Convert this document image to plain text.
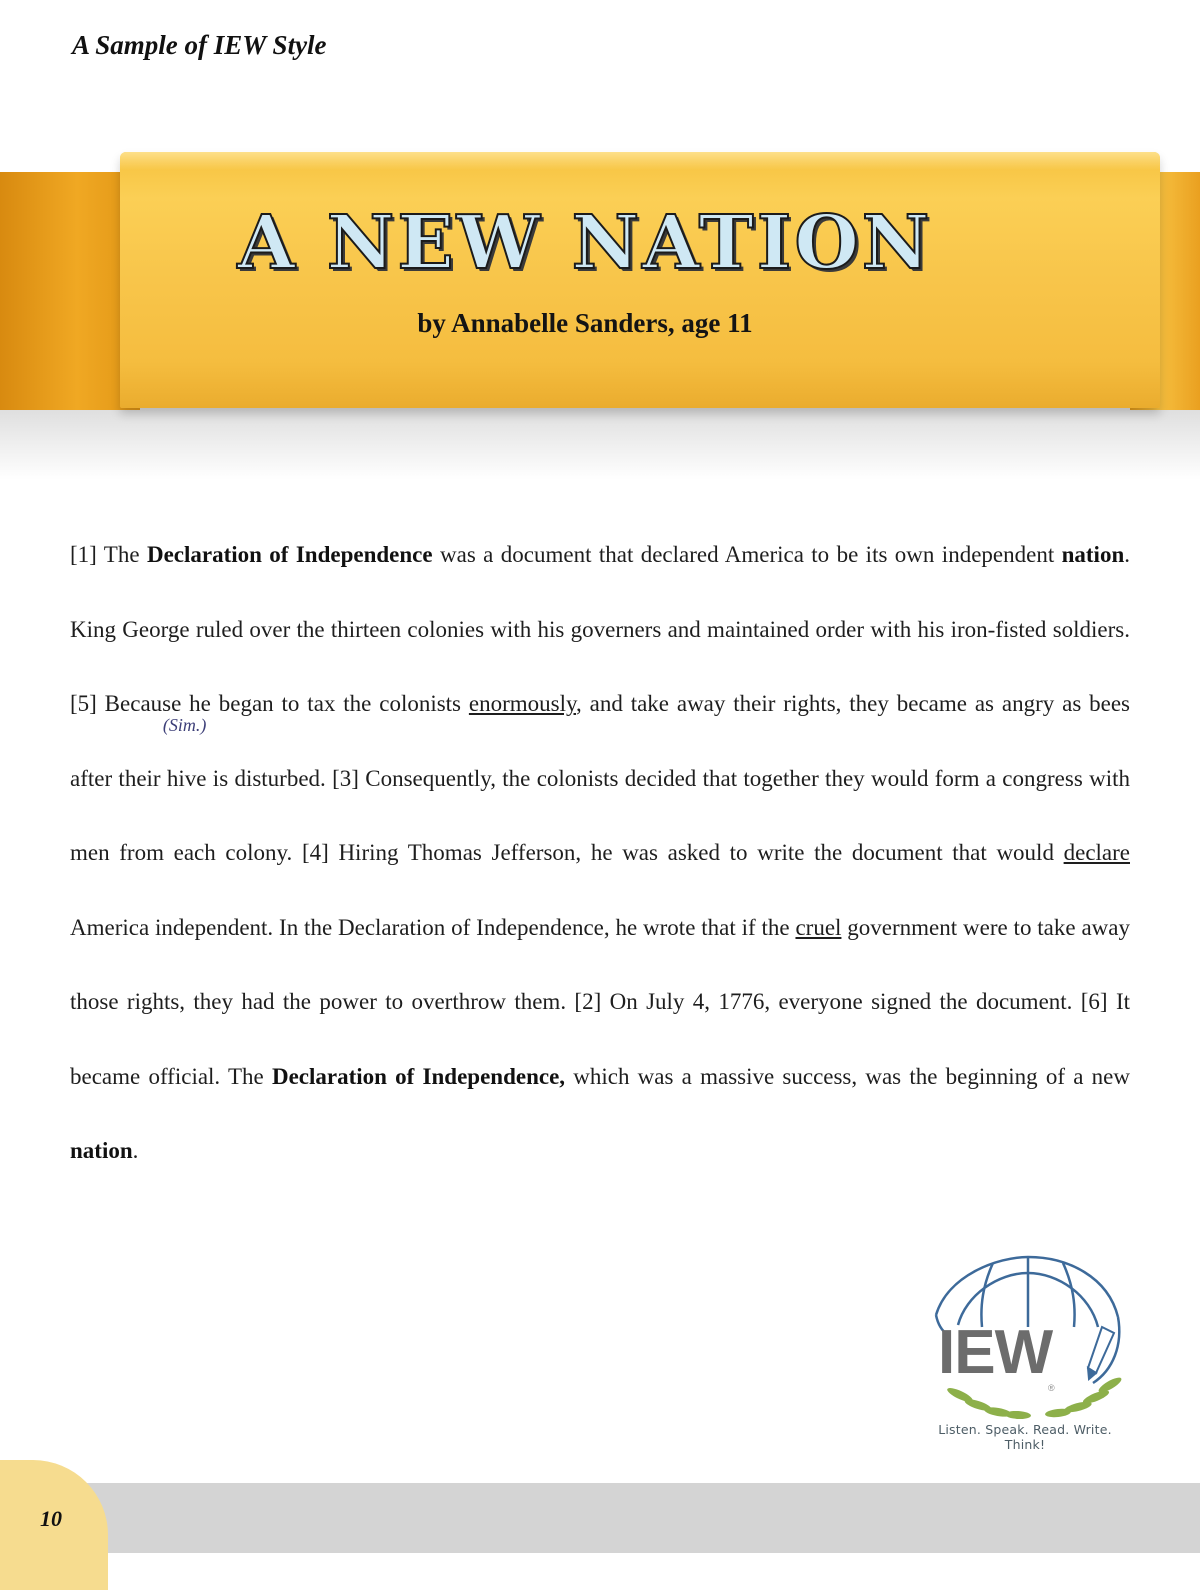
A Sample of IEW Style
A NEW NATION
by Annabelle Sanders, age 11
[1] The Declaration of Independence was a document that declared America to be its own independent nation. King George ruled over the thirteen colonies with his governers and maintained order with his iron-fisted soldiers. [5] Because he began to tax the colonists enormously, and take away their rights, they became as angry as bees after their
(Sim.)
hive is disturbed. [3] Consequently, the colonists decided that together they would form a congress with men from each colony. [4] Hiring Thomas Jefferson, he was asked to write the document that would declare America independent. In the Declaration of Independence, he wrote that if the cruel government were to take away those rights, they had the power to overthrow them. [2] On July 4, 1776, everyone signed the document. [6] It became official. The Declaration of Independence, which was a massive success, was the beginning of a new nation.
IEW
®
Listen. Speak. Read. Write. Think!
10
